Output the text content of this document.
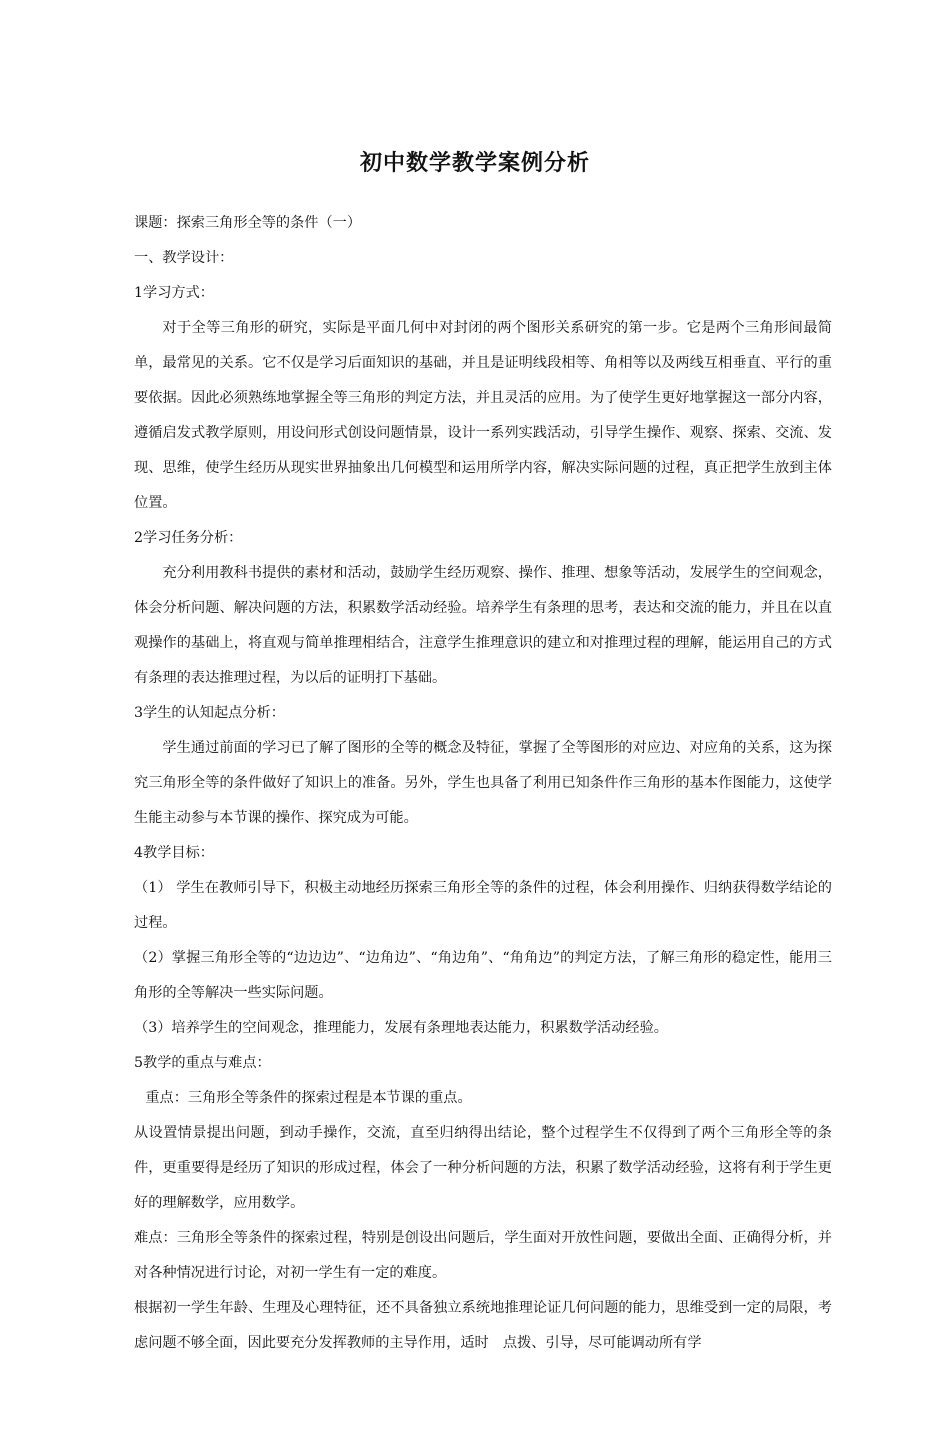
初中数学教学案例分析

课题：探索三角形全等的条件（一）

一、教学设计：

1学习方式：

对于全等三角形的研究，实际是平面几何中对封闭的两个图形关系研究的第一步。它是两个三角形间最简单，最常见的关系。它不仅是学习后面知识的基础，并且是证明线段相等、角相等以及两线互相垂直、平行的重要依据。因此必须熟练地掌握全等三角形的判定方法，并且灵活的应用。为了使学生更好地掌握这一部分内容，遵循启发式教学原则，用设问形式创设问题情景，设计一系列实践活动，引导学生操作、观察、探索、交流、发现、思维，使学生经历从现实世界抽象出几何模型和运用所学内容，解决实际问题的过程，真正把学生放到主体位置。

2学习任务分析：

充分利用教科书提供的素材和活动，鼓励学生经历观察、操作、推理、想象等活动，发展学生的空间观念，体会分析问题、解决问题的方法，积累数学活动经验。培养学生有条理的思考，表达和交流的能力，并且在以直观操作的基础上，将直观与简单推理相结合，注意学生推理意识的建立和对推理过程的理解，能运用自己的方式有条理的表达推理过程，为以后的证明打下基础。

3学生的认知起点分析：

学生通过前面的学习已了解了图形的全等的概念及特征，掌握了全等图形的对应边、对应角的关系，这为探究三角形全等的条件做好了知识上的准备。另外，学生也具备了利用已知条件作三角形的基本作图能力，这使学生能主动参与本节课的操作、探究成为可能。

4教学目标：

（1） 学生在教师引导下，积极主动地经历探索三角形全等的条件的过程，体会利用操作、归纳获得数学结论的过程。

（2）掌握三角形全等的“边边边”、“边角边”、“角边角”、“角角边”的判定方法，了解三角形的稳定性，能用三角形的全等解决一些实际问题。

（3）培养学生的空间观念，推理能力，发展有条理地表达能力，积累数学活动经验。

5教学的重点与难点：

重点：三角形全等条件的探索过程是本节课的重点。

从设置情景提出问题，到动手操作，交流，直至归纳得出结论，整个过程学生不仅得到了两个三角形全等的条件，更重要得是经历了知识的形成过程，体会了一种分析问题的方法，积累了数学活动经验，这将有利于学生更好的理解数学，应用数学。

难点：三角形全等条件的探索过程，特别是创设出问题后，学生面对开放性问题，要做出全面、正确得分析，并对各种情况进行讨论，对初一学生有一定的难度。

根据初一学生年龄、生理及心理特征，还不具备独立系统地推理论证几何问题的能力，思维受到一定的局限，考虑问题不够全面，因此要充分发挥教师的主导作用，适时　点拨、引导，尽可能调动所有学
